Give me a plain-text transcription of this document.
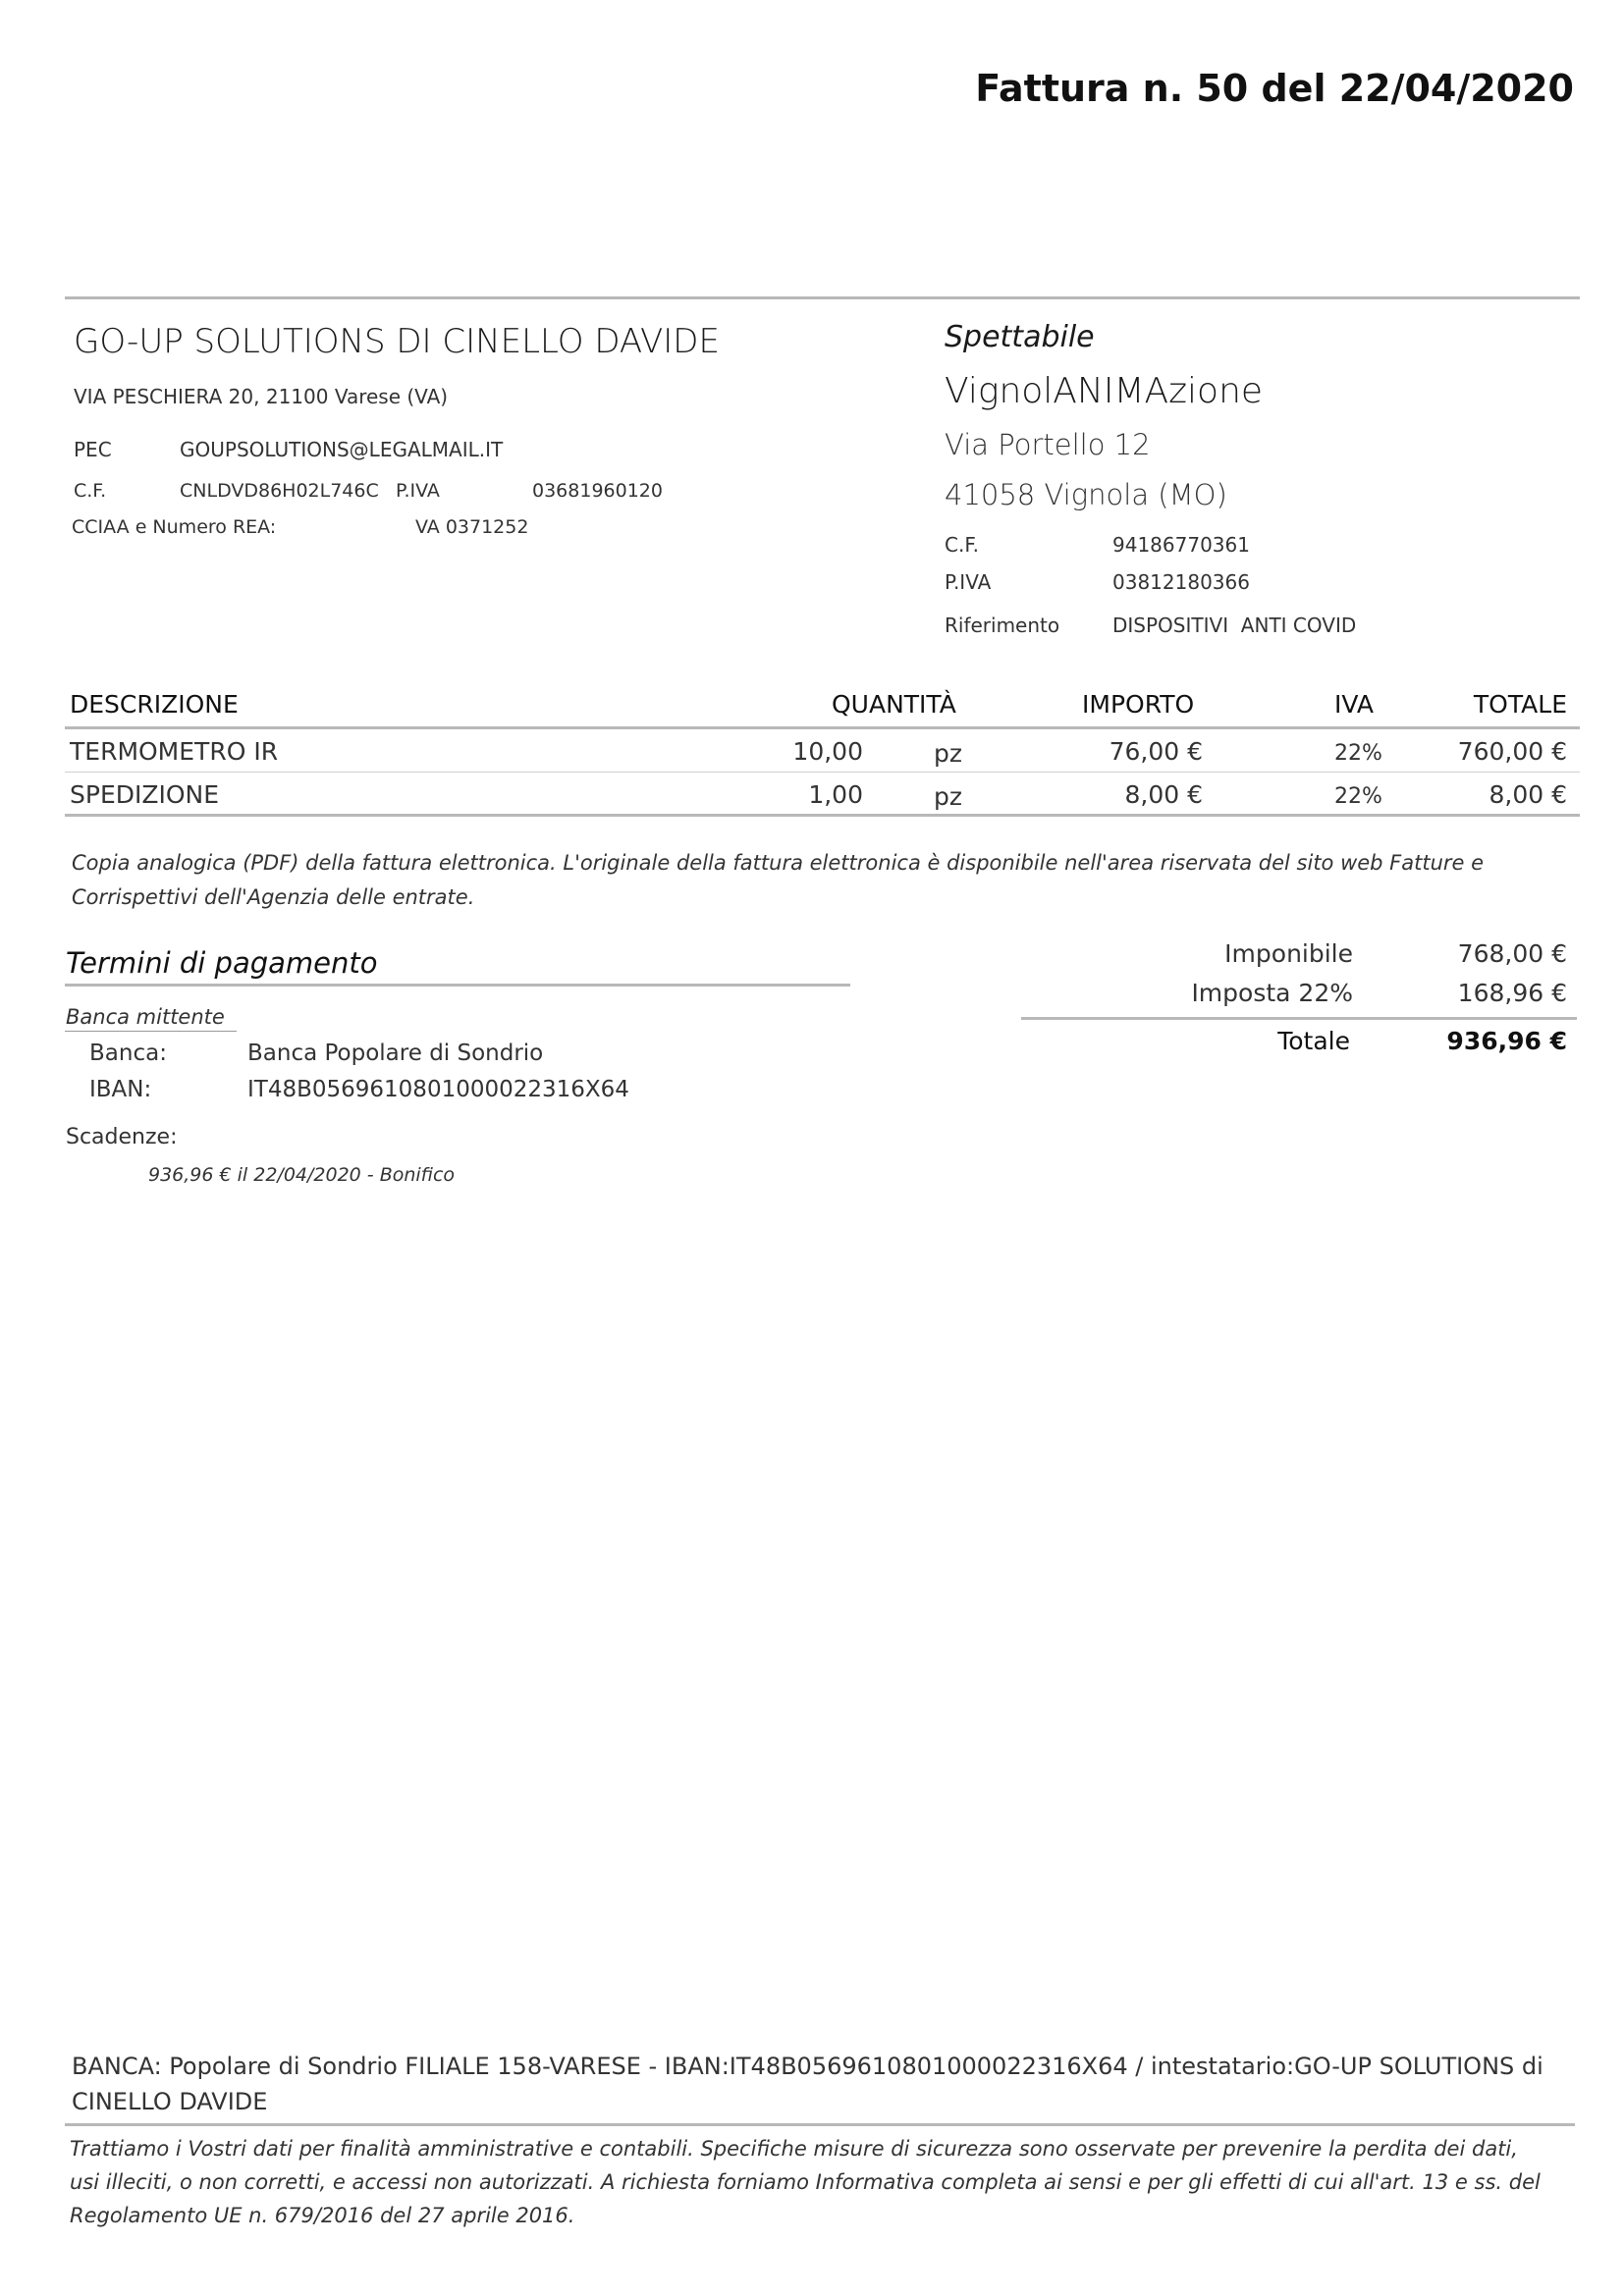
Fattura n. 50 del 22/04/2020
GO-UP SOLUTIONS DI CINELLO DAVIDE
VIA PESCHIERA 20, 21100 Varese (VA)
PEC	GOUPSOLUTIONS@LEGALMAIL.IT
C.F.	CNLDVD86H02L746C P.IVA	03681960120
CCIAA e Numero REA:	VA 0371252
Spettabile
VignolANIMAzione
Via Portello 12
41058 Vignola (MO)
C.F.	94186770361
P.IVA	03812180366
Riferimento	DISPOSITIVI  ANTI COVID
DESCRIZIONE	QUANTITÀ	IMPORTO	IVA	TOTALE
TERMOMETRO IR	10,00	pz	76,00 €	22%	760,00 €
SPEDIZIONE	1,00	pz	8,00 €	22%	8,00 €
Copia analogica (PDF) della fattura elettronica. L'originale della fattura elettronica è disponibile nell'area riservata del sito web Fatture e Corrispettivi dell'Agenzia delle entrate.
Termini di pagamento
Banca mittente
Banca:	Banca Popolare di Sondrio
IBAN:	IT48B0569610801000022316X64
Scadenze:
936,96 € il 22/04/2020 - Bonifico
Imponibile	768,00 €
Imposta 22%	168,96 €
Totale	936,96 €
BANCA: Popolare di Sondrio FILIALE 158-VARESE - IBAN:IT48B0569610801000022316X64 / intestatario:GO-UP SOLUTIONS di CINELLO DAVIDE
Trattiamo i Vostri dati per finalità amministrative e contabili. Specifiche misure di sicurezza sono osservate per prevenire la perdita dei dati, usi illeciti, o non corretti, e accessi non autorizzati. A richiesta forniamo Informativa completa ai sensi e per gli effetti di cui all'art. 13 e ss. del Regolamento UE n. 679/2016 del 27 aprile 2016.
